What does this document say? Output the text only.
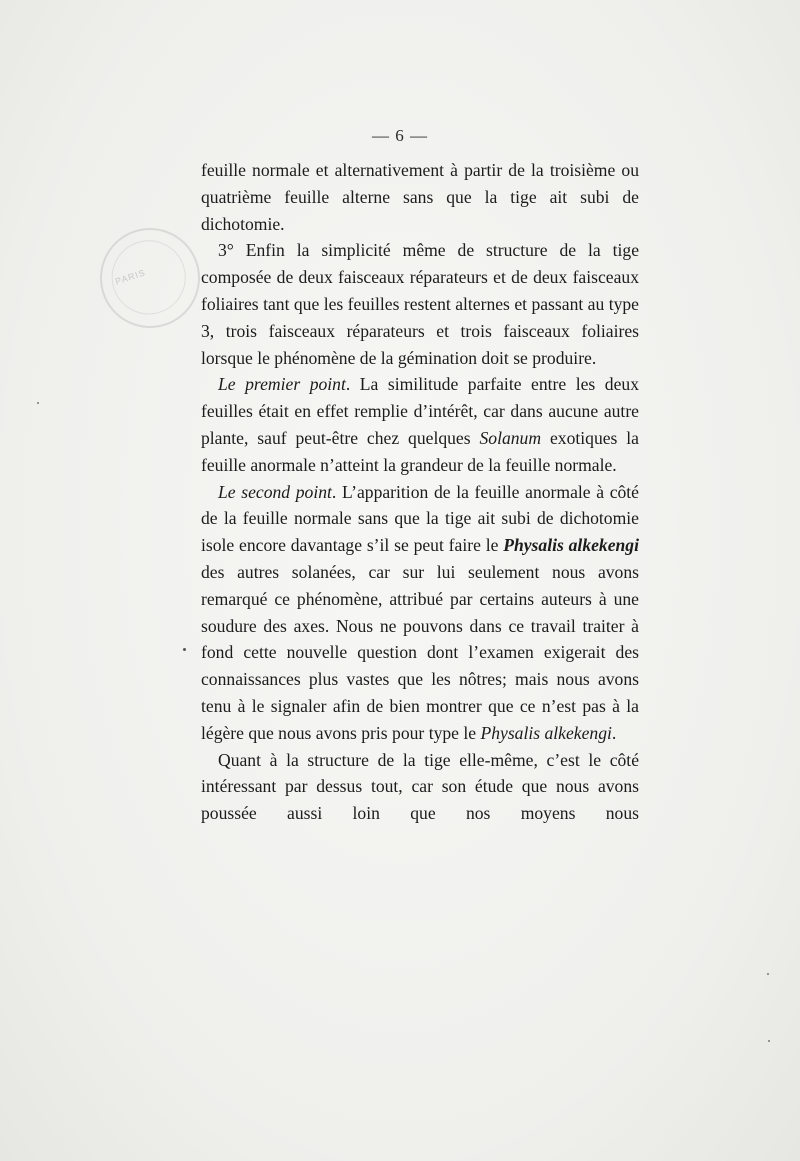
PARIS
— 6 —

feuille normale et alternativement à partir de la troisième ou quatrième feuille alterne sans que la tige ait subi de dichotomie.

3° Enfin la simplicité même de structure de la tige composée de deux faisceaux réparateurs et de deux faisceaux foliaires tant que les feuilles restent alternes et passant au type 3, trois faisceaux réparateurs et trois faisceaux foliaires lorsque le phénomène de la gémination doit se produire.

Le premier point. La similitude parfaite entre les deux feuilles était en effet remplie d’intérêt, car dans aucune autre plante, sauf peut-être chez quelques Solanum exotiques la feuille anormale n’atteint la grandeur de la feuille normale.

Le second point. L’apparition de la feuille anormale à côté de la feuille normale sans que la tige ait subi de dichotomie isole encore davantage s’il se peut faire le Physalis alkekengi des autres solanées, car sur lui seulement nous avons remarqué ce phénomène, attribué par certains auteurs à une soudure des axes. Nous ne pouvons dans ce travail traiter à fond cette nouvelle question dont l’examen exigerait des connaissances plus vastes que les nôtres; mais nous avons tenu à le signaler afin de bien montrer que ce n’est pas à la légère que nous avons pris pour type le Physalis alkekengi.

Quant à la structure de la tige elle-même, c’est le côté intéressant par dessus tout, car son étude que nous avons poussée aussi loin que nos moyens nous
